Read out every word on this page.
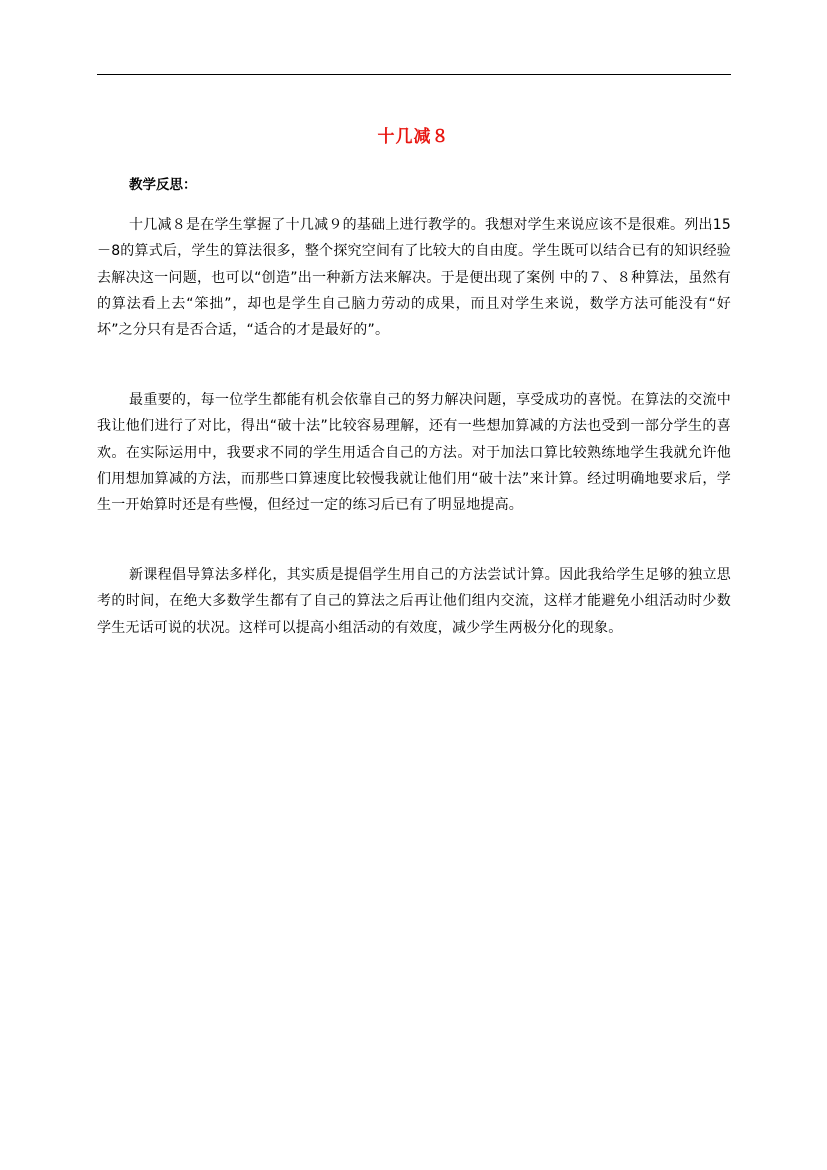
十几减８
教学反思：

十几减８是在学生掌握了十几减９的基础上进行教学的。我想对学生来说应该不是很难。列出15－8的算式后，学生的算法很多，整个探究空间有了比较大的自由度。学生既可以结合已有的知识经验去解决这一问题，也可以“创造”出一种新方法来解决。于是便出现了案例 中的７、８种算法，虽然有的算法看上去“笨拙”，却也是学生自己脑力劳动的成果，而且对学生来说，数学方法可能没有“好坏”之分只有是否合适，“适合的才是最好的”。

最重要的，每一位学生都能有机会依靠自己的努力解决问题，享受成功的喜悦。在算法的交流中我让他们进行了对比，得出“破十法”比较容易理解，还有一些想加算减的方法也受到一部分学生的喜欢。在实际运用中，我要求不同的学生用适合自己的方法。对于加法口算比较熟练地学生我就允许他们用想加算减的方法，而那些口算速度比较慢我就让他们用“破十法”来计算。经过明确地要求后，学生一开始算时还是有些慢，但经过一定的练习后已有了明显地提高。

新课程倡导算法多样化，其实质是提倡学生用自己的方法尝试计算。因此我给学生足够的独立思考的时间，在绝大多数学生都有了自己的算法之后再让他们组内交流，这样才能避免小组活动时少数学生无话可说的状况。这样可以提高小组活动的有效度，减少学生两极分化的现象。
